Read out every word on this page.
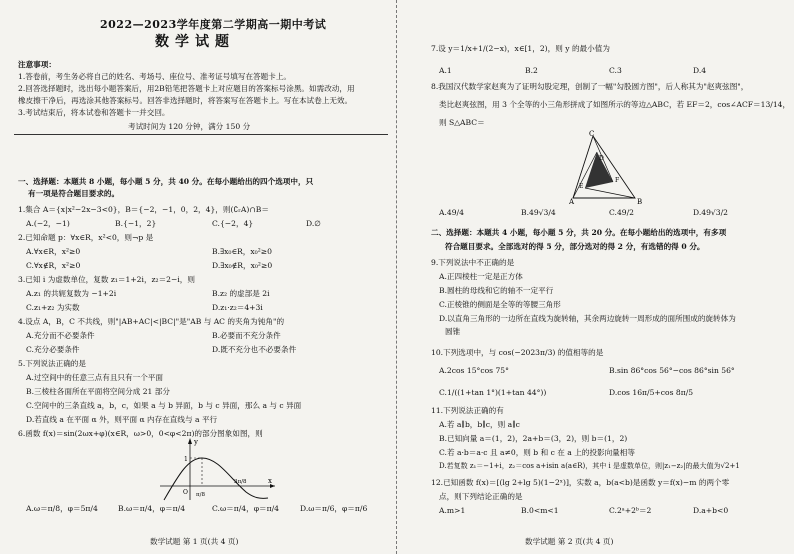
2022—2023学年度第二学期高一期中考试
数学试题
注意事项：
1.答卷前，考生务必将自己的姓名、考场号、座位号、准考证号填写在答题卡上。
2.回答选择题时，选出每小题答案后，用2B铅笔把答题卡上对应题目的答案标号涂黑。如需改动，用
橡皮擦干净后，再选涂其他答案标号。回答非选择题时，将答案写在答题卡上。写在本试卷上无效。
3.考试结束后，将本试卷和答题卡一并交回。
考试时间为 120 分钟，满分 150 分
一、选择题：本题共 8 小题，每小题 5 分，共 40 分。在每小题给出的四个选项中，只
有一项是符合题目要求的。
1.集合 A＝{x|x²−2x−3<0}，B＝{−2，−1，0，2，4}，则(∁ᵣA)∩B＝
A.(−2，−1)	B.{−1，2}	C.{−2，4}	D.∅
2.已知命题 p：∀x∈R，x²<0，则¬p 是
A.∀x∈R，x²≥0	B.∃x₀∈R，x₀²≥0
C.∀x∉R，x²≥0	D.∃x₀∉R，x₀²≥0
3.已知 i 为虚数单位，复数 z₁＝1+2i，z₂＝2−i，则
A.z₁ 的共轭复数为 −1+2i	B.z₂ 的虚部是 2i
C.z₁+z₂ 为实数	D.z₁·z₂＝4+3i
4.设点 A，B，C 不共线，则"|AB+AC|<|BC|"是"AB 与 AC 的夹角为钝角"的
A.充分而不必要条件	B.必要而不充分条件
C.充分必要条件	D.既不充分也不必要条件
5.下列说法正确的是
A.过空间中的任意三点有且只有一个平面
B.三棱柱各面所在平面将空间分成 21 部分
C.空间中的三条直线 a，b，c，如果 a 与 b 异面，b 与 c 异面，那么 a 与 c 异面
D.若直线 a 在平面 α 外，则平面 α 内存在直线与 a 平行
6.函数 f(x)＝sin(2ωx+φ)(x∈R，ω>0，0<φ<2π)的部分图象如图，则
y
O
1
x
π/8
3π/8
A.ω＝π/8，φ＝5π/4	B.ω＝π/4，φ＝π/4	C.ω＝π/4，φ＝π/4	D.ω＝π/6，φ＝π/6
数学试题 第 1 页(共 4 页)
7.设 y＝1/x+1/(2−x)，x∈[1，2)，则 y 的最小值为
A.1	B.2	C.3	D.4
8.我国汉代数学家赵爽为了证明勾股定理，创制了一幅"勾股圆方图"，后人称其为"赵爽弦图"，
类比赵爽弦图，用 3 个全等的小三角形拼成了如图所示的等边△ABC，若 EF＝2，cos∠ACF＝13/14，
则 S△ABC＝
C
A	B
E
D
F
A.49/4	B.49√3/4	C.49/2	D.49√3/2
二、选择题：本题共 4 小题，每小题 5 分，共 20 分。在每小题给出的选项中，有多项
符合题目要求。全部选对的得 5 分，部分选对的得 2 分，有选错的得 0 分。
9.下列说法中不正确的是
A.正四棱柱一定是正方体
B.圆柱的母线和它的轴不一定平行
C.正棱锥的侧面是全等的等腰三角形
D.以直角三角形的一边所在直线为旋转轴，其余两边旋转一周形成的面所围成的旋转体为
圆锥
10.下列选项中，与 cos(−2023π/3) 的值相等的是
A.2cos 15°cos 75°	B.sin 86°cos 56°−cos 86°sin 56°
C.1/((1+tan 1°)(1+tan 44°))	D.cos 16π/5+cos 8π/5
11.下列说法正确的有
A.若 a∥b，b∥c，则 a∥c
B.已知向量 a＝(1，2)，2a+b＝(3，2)，则 b＝(1，2)
C.若 a·b＝a·c 且 a≠0，则 b 和 c 在 a 上的投影向量相等
D.若复数 z₁＝−1+i，z₂＝cos a+isin a(a∈R)，其中 i 是虚数单位，则|z₁−z₂|的最大值为√2+1
12.已知函数 f(x)＝[(lg 2+lg 5)(1−2ˣ)]，实数 a，b(a<b)是函数 y＝f(x)−m 的两个零
点，则下列结论正确的是
A.m>1	B.0<m<1	C.2ᵃ+2ᵇ＝2	D.a+b<0
数学试题 第 2 页(共 4 页)
